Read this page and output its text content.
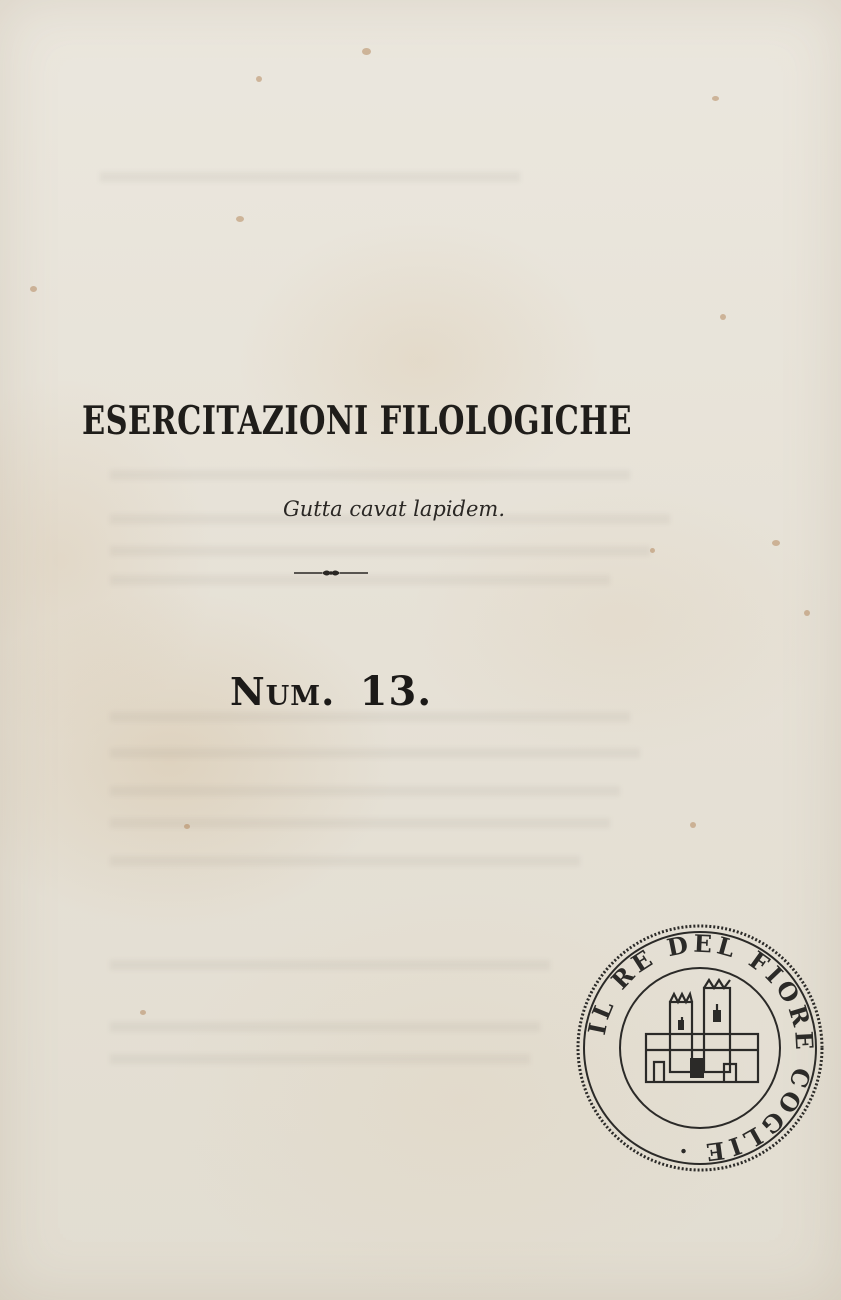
ESERCITAZIONI FILOLOGICHE
Gutta cavat lapidem.
Num. 13.
IL RE DEL FIORE COGLIE ·
